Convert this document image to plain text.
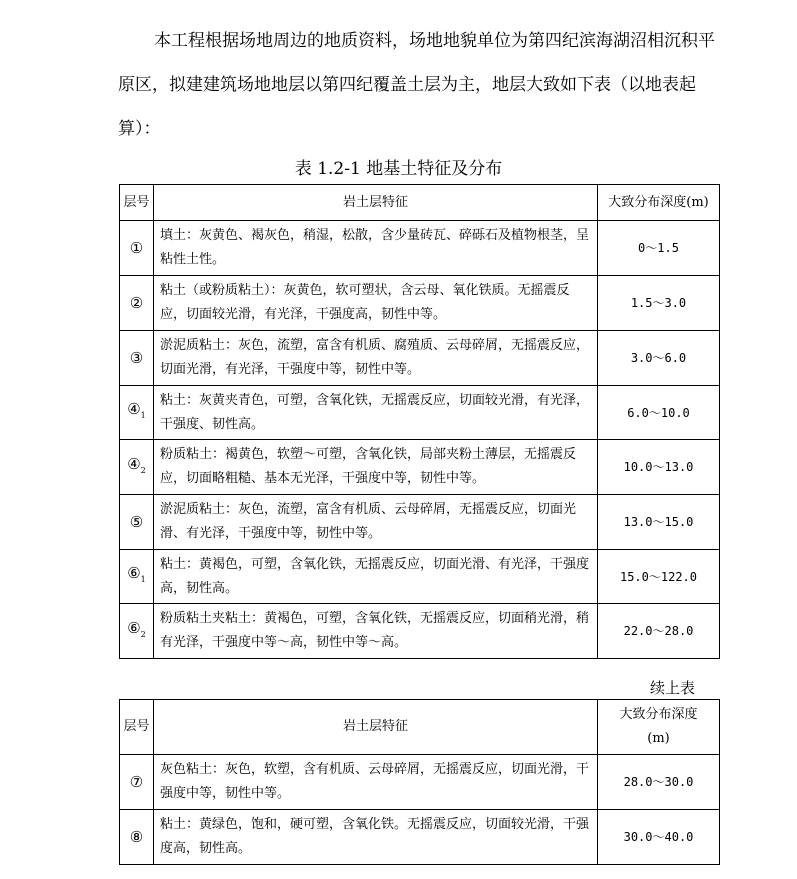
本工程根据场地周边的地质资料，场地地貌单位为第四纪滨海湖沼相沉积平原区，拟建建筑场地地层以第四纪覆盖土层为主，地层大致如下表（以地表起算）：

表 1.2-1 地基土特征及分布
层号	岩土层特征	大致分布深度(m)
①	填土：灰黄色、褐灰色，稍湿，松散，含少量砖瓦、碎砾石及植物根茎，呈粘性土性。	0～1.5
②	粘土（或粉质粘土）：灰黄色，软可塑状，含云母、氧化铁质。无摇震反应，切面较光滑，有光泽，干强度高，韧性中等。	1.5～3.0
③	淤泥质粘土：灰色，流塑，富含有机质、腐殖质、云母碎屑，无摇震反应，切面光滑，有光泽，干强度中等，韧性中等。	3.0～6.0
$④_1$	粘土：灰黄夹青色，可塑，含氧化铁，无摇震反应，切面较光滑，有光泽，干强度、韧性高。	6.0～10.0
$④_2$	粉质粘土：褐黄色，软塑～可塑，含氧化铁，局部夹粉土薄层，无摇震反应，切面略粗糙、基本无光泽，干强度中等，韧性中等。	10.0～13.0
⑤	淤泥质粘土：灰色，流塑，富含有机质、云母碎屑，无摇震反应，切面光滑、有光泽，干强度中等，韧性中等。	13.0～15.0
$⑥_1$	粘土：黄褐色，可塑，含氧化铁，无摇震反应，切面光滑、有光泽，干强度高，韧性高。	15.0～122.0
$⑥_2$	粉质粘土夹粘土：黄褐色，可塑，含氧化铁，无摇震反应，切面稍光滑，稍有光泽，干强度中等～高，韧性中等～高。	22.0～28.0
续上表
层号	岩土层特征	大致分布深度
(m)

⑦	灰色粘土：灰色，软塑，含有机质、云母碎屑，无摇震反应，切面光滑，干强度中等，韧性中等。	28.0～30.0
⑧	粘土：黄绿色，饱和，硬可塑，含氧化铁。无摇震反应，切面较光滑，干强度高，韧性高。	30.0～40.0
